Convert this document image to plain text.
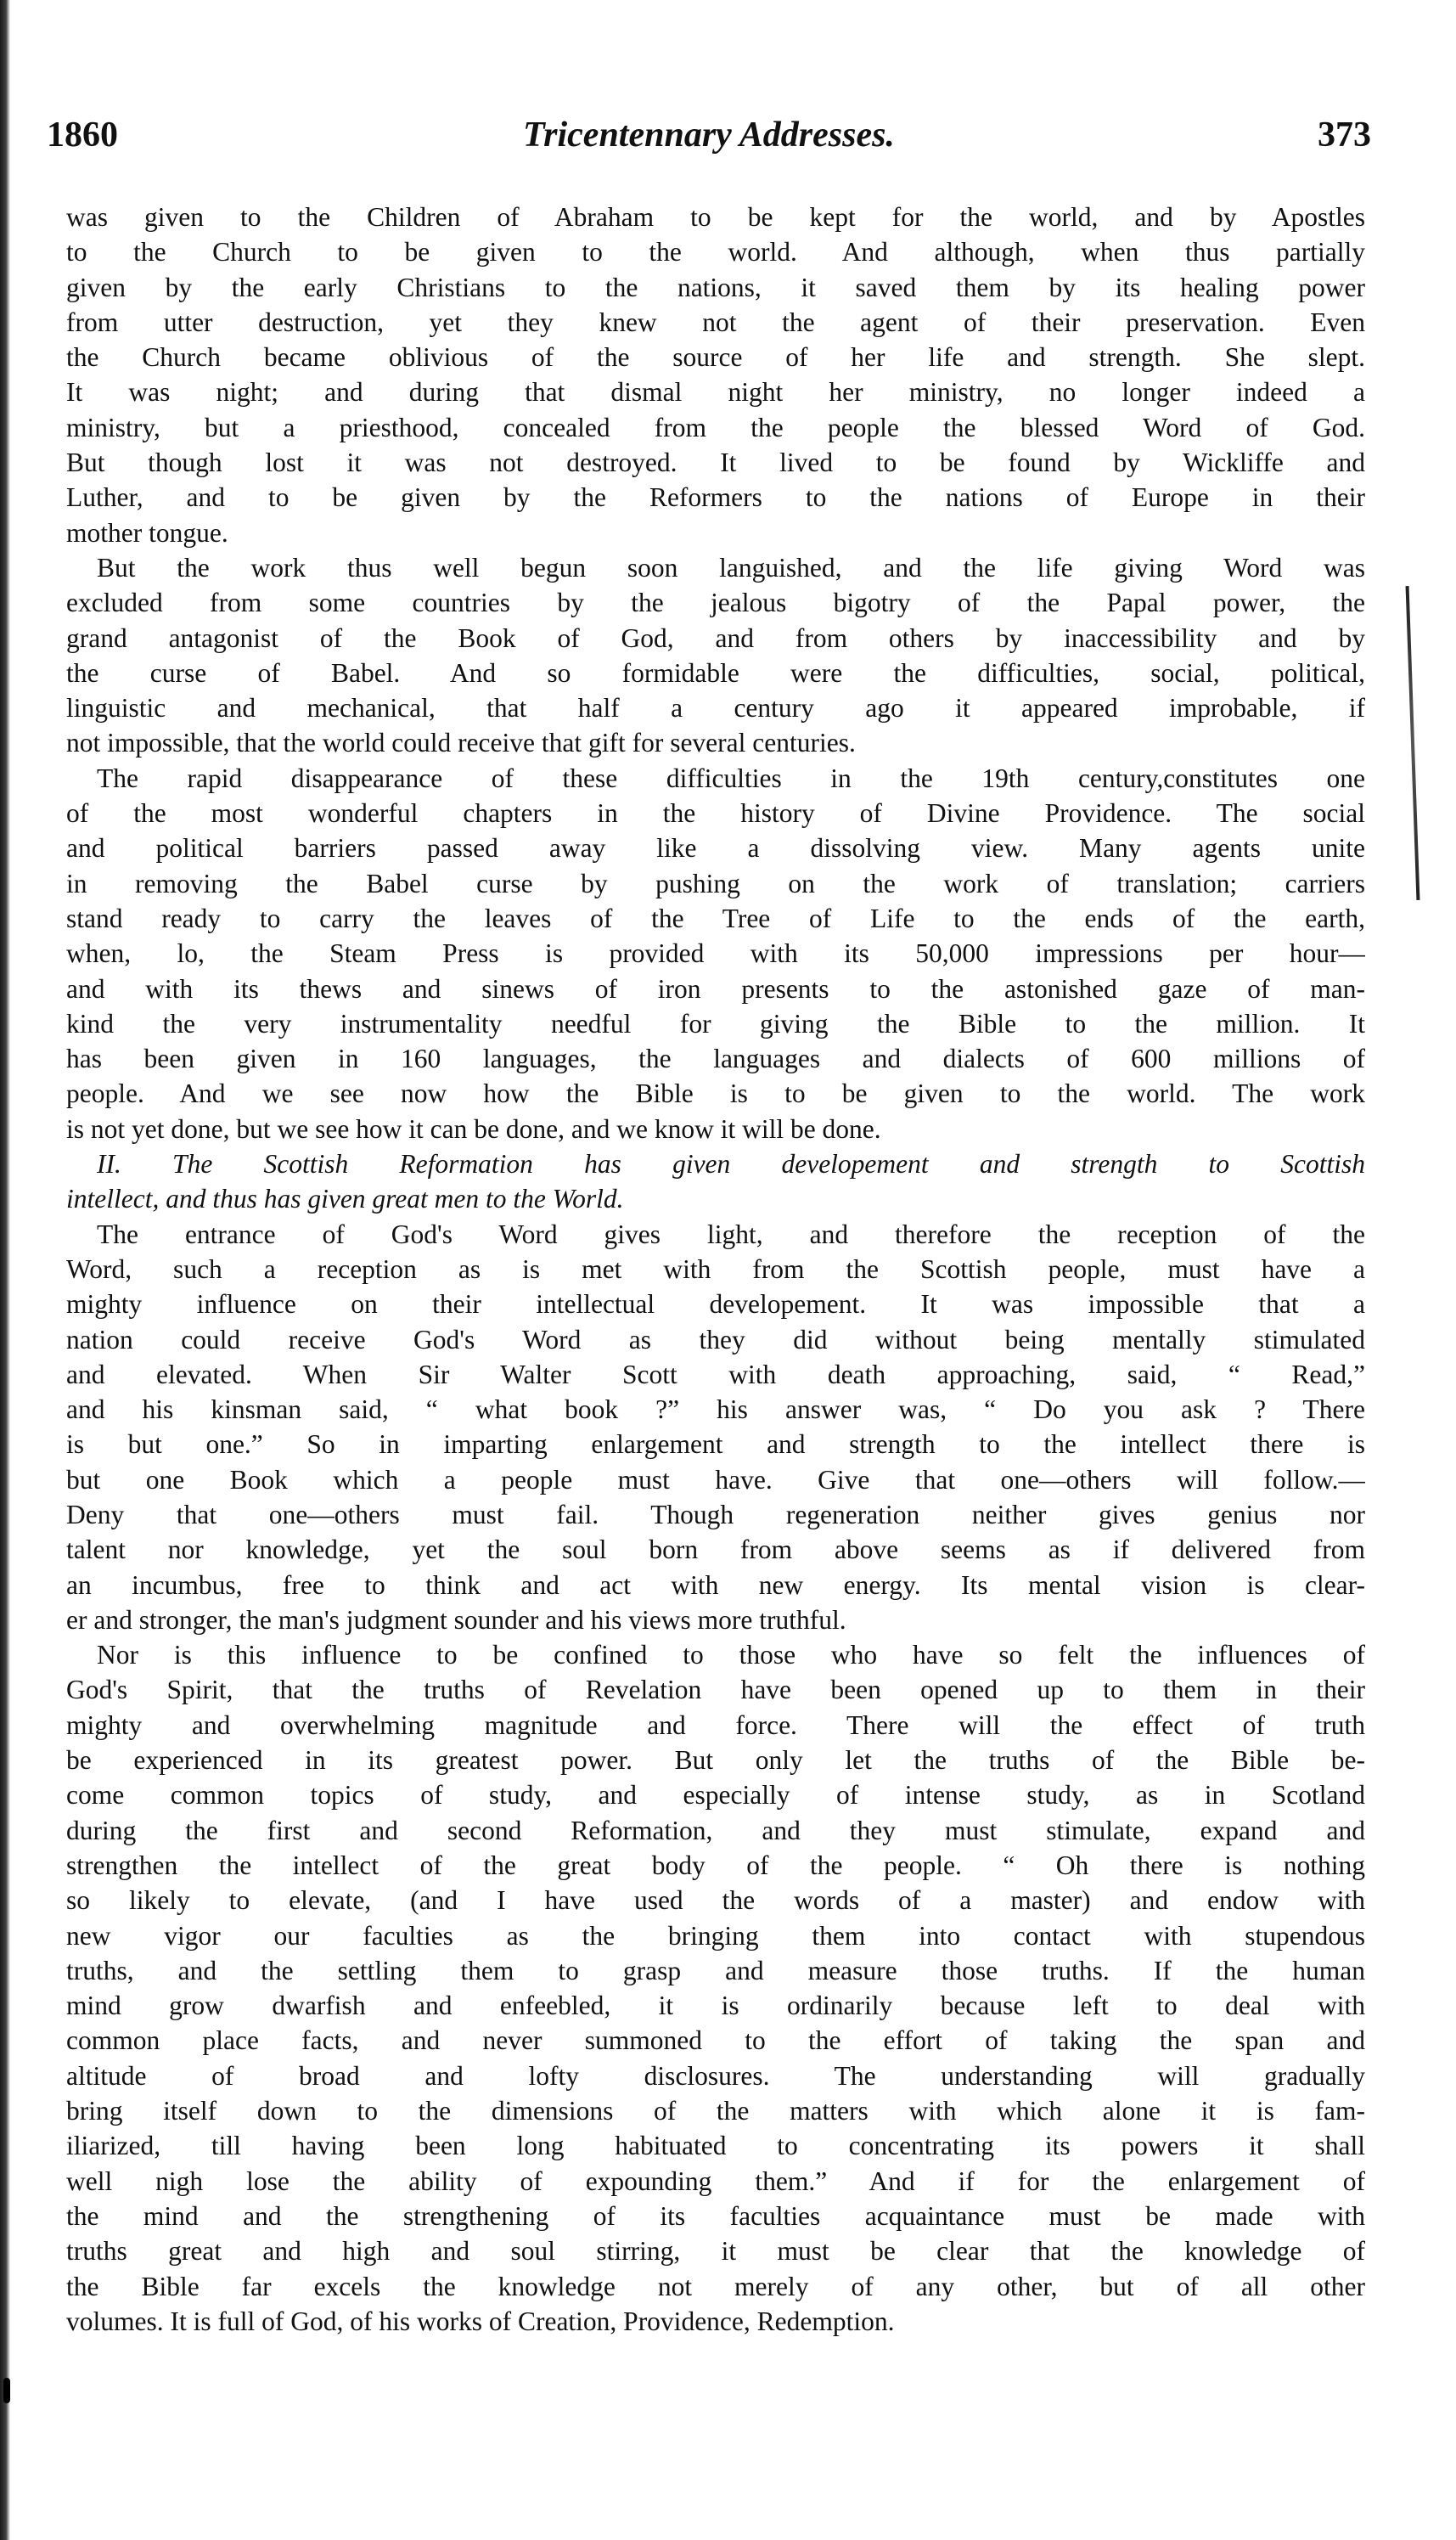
Tricentennary Addresses.
1860	373
was given to the Children of Abraham to be kept for the world, and by Apostles
to the Church to be given to the world. And although, when thus partially
given by the early Christians to the nations, it saved them by its healing power
from utter destruction, yet they knew not the agent of their preservation. Even
the Church became oblivious of the source of her life and strength. She slept.
It was night; and during that dismal night her ministry, no longer indeed a
ministry, but a priesthood, concealed from the people the blessed Word of God.
But though lost it was not destroyed. It lived to be found by Wickliffe and
Luther, and to be given by the Reformers to the nations of Europe in their
mother tongue.
But the work thus well begun soon languished, and the life giving Word was
excluded from some countries by the jealous bigotry of the Papal power, the
grand antagonist of the Book of God, and from others by inaccessibility and by
the curse of Babel. And so formidable were the difficulties, social, political,
linguistic and mechanical, that half a century ago it appeared improbable, if
not impossible, that the world could receive that gift for several centuries.
The rapid disappearance of these difficulties in the 19th century,constitutes one
of the most wonderful chapters in the history of Divine Providence. The social
and political barriers passed away like a dissolving view. Many agents unite
in removing the Babel curse by pushing on the work of translation; carriers
stand ready to carry the leaves of the Tree of Life to the ends of the earth,
when, lo, the Steam Press is provided with its 50,000 impressions per hour—
and with its thews and sinews of iron presents to the astonished gaze of man-
kind the very instrumentality needful for giving the Bible to the million. It
has been given in 160 languages, the languages and dialects of 600 millions of
people. And we see now how the Bible is to be given to the world. The work
is not yet done, but we see how it can be done, and we know it will be done.
II. The Scottish Reformation has given developement and strength to Scottish
intellect, and thus has given great men to the World.
The entrance of God's Word gives light, and therefore the reception of the
Word, such a reception as is met with from the Scottish people, must have a
mighty influence on their intellectual developement. It was impossible that a
nation could receive God's Word as they did without being mentally stimulated
and elevated. When Sir Walter Scott with death approaching, said, “ Read,”
and his kinsman said, “ what book ?” his answer was, “ Do you ask ? There
is but one.” So in imparting enlargement and strength to the intellect there is
but one Book which a people must have. Give that one—others will follow.—
Deny that one—others must fail. Though regeneration neither gives genius nor
talent nor knowledge, yet the soul born from above seems as if delivered from
an incumbus, free to think and act with new energy. Its mental vision is clear-
er and stronger, the man's judgment sounder and his views more truthful.
Nor is this influence to be confined to those who have so felt the influences of
God's Spirit, that the truths of Revelation have been opened up to them in their
mighty and overwhelming magnitude and force. There will the effect of truth
be experienced in its greatest power. But only let the truths of the Bible be-
come common topics of study, and especially of intense study, as in Scotland
during the first and second Reformation, and they must stimulate, expand and
strengthen the intellect of the great body of the people. “ Oh there is nothing
so likely to elevate, (and I have used the words of a master) and endow with
new vigor our faculties as the bringing them into contact with stupendous
truths, and the settling them to grasp and measure those truths. If the human
mind grow dwarfish and enfeebled, it is ordinarily because left to deal with
common place facts, and never summoned to the effort of taking the span and
altitude of broad and lofty disclosures. The understanding will gradually
bring itself down to the dimensions of the matters with which alone it is fam-
iliarized, till having been long habituated to concentrating its powers it shall
well nigh lose the ability of expounding them.” And if for the enlargement of
the mind and the strengthening of its faculties acquaintance must be made with
truths great and high and soul stirring, it must be clear that the knowledge of
the Bible far excels the knowledge not merely of any other, but of all other
volumes. It is full of God, of his works of Creation, Providence, Redemption.
